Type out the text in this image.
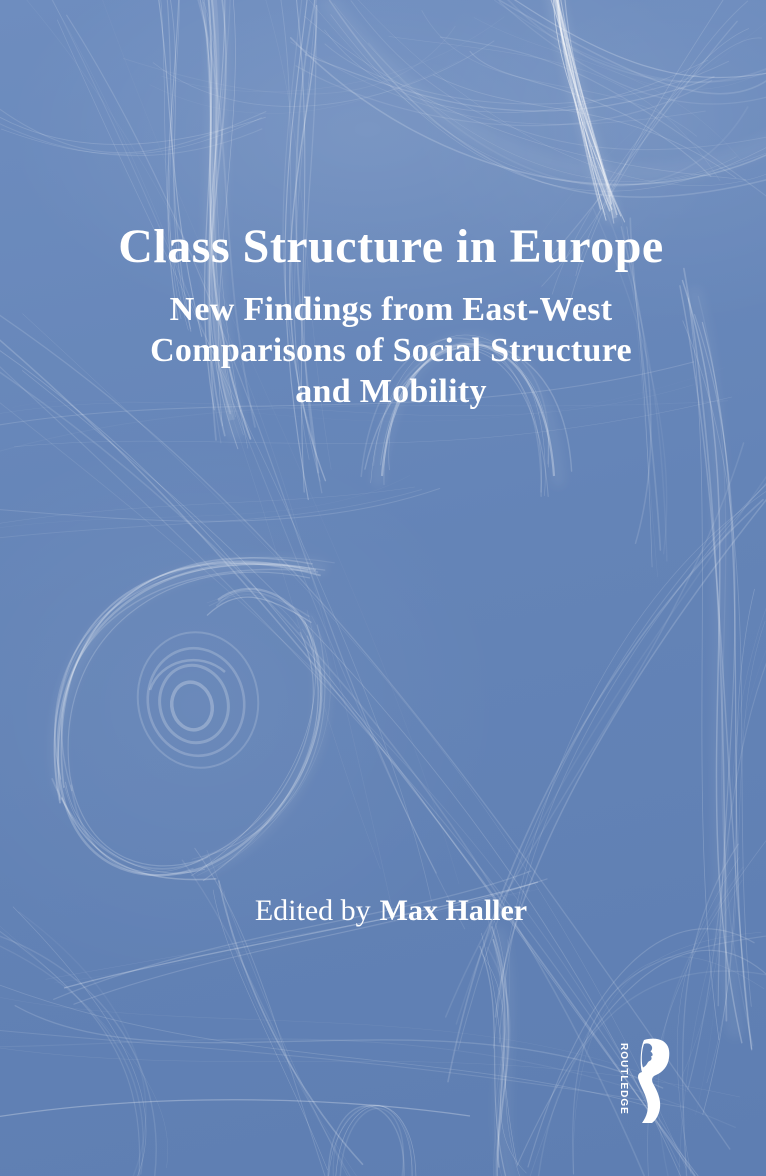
Class Structure in Europe
New Findings from East-West
Comparisons of Social Structure
and Mobility
Edited by Max Haller
ROUTLEDGE
